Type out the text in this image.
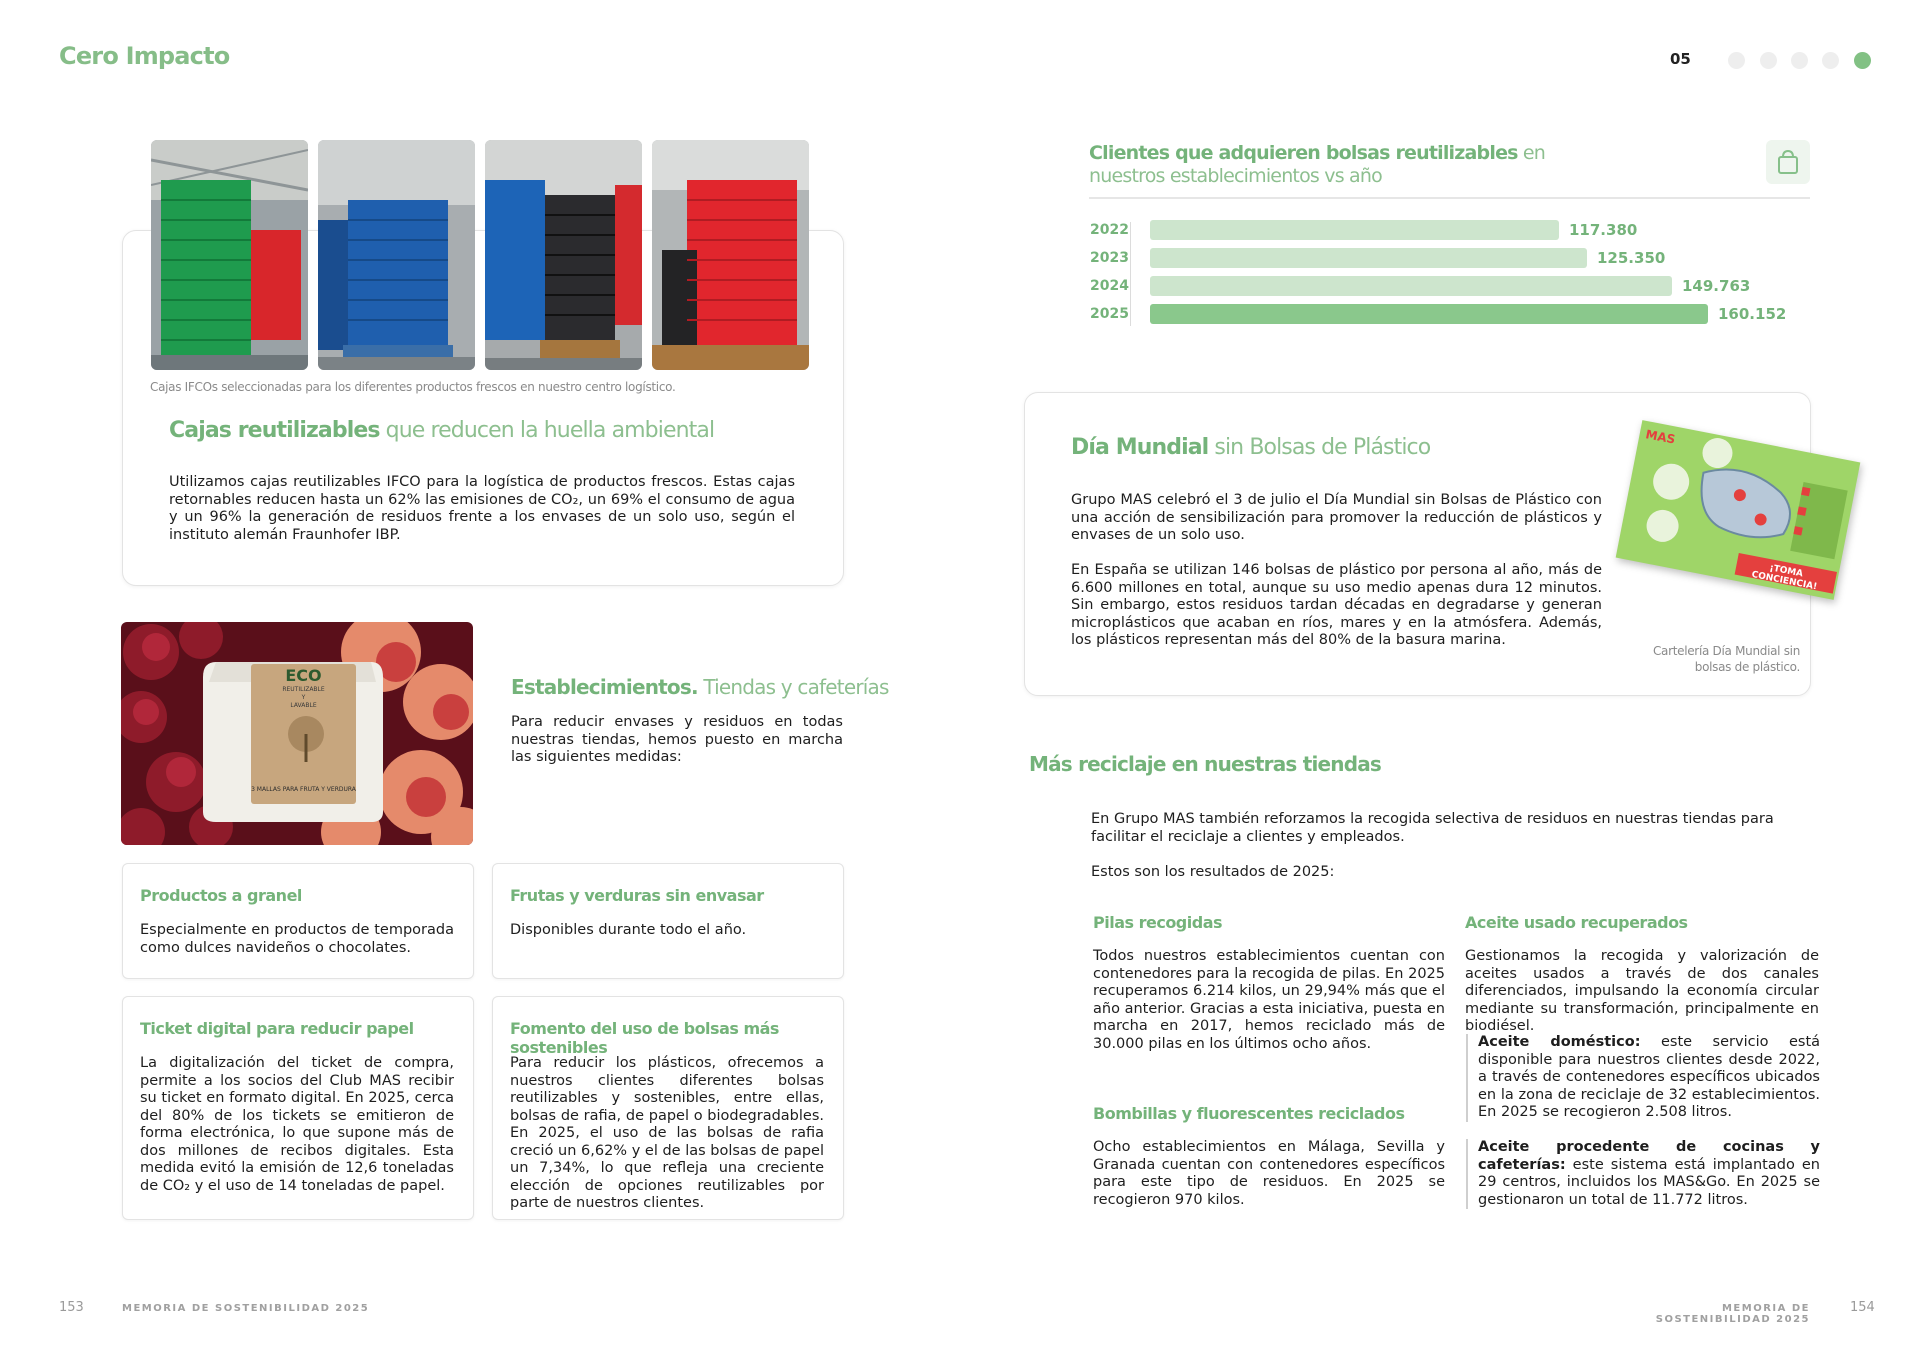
Cero Impacto	05
Cajas IFCOs seleccionadas para los diferentes productos frescos en nuestro centro logístico.
Cajas reutilizables que reducen la huella ambiental
Utilizamos cajas reutilizables IFCO para la logística de productos frescos. Estas cajas retornables reducen hasta un 62% las emisiones de CO₂, un 69% el consumo de agua y un 96% la generación de residuos frente a los envases de un solo uso, según el instituto alemán Fraunhofer IBP.
ECO
REUTILIZABLE
Y
LAVABLE
3 MALLAS PARA FRUTA Y VERDURA
Establecimientos. Tiendas y cafeterías
Para reducir envases y residuos en todas nuestras tiendas, hemos puesto en marcha las siguientes medidas:
Productos a granel
Especialmente en productos de temporada como dulces navideños o chocolates.
Frutas y verduras sin envasar
Disponibles durante todo el año.
Ticket digital para reducir papel
La digitalización del ticket de compra, permite a los socios del Club MAS recibir su ticket en formato digital. En 2025, cerca del 80% de los tickets se emitieron de forma electrónica, lo que supone más de dos millones de recibos digitales. Esta medida evitó la emisión de 12,6 toneladas de CO₂ y el uso de 14 toneladas de papel.
Fomento del uso de bolsas más sostenibles
Para reducir los plásticos, ofrecemos a nuestros clientes diferentes bolsas reutilizables y sostenibles, entre ellas, bolsas de rafia, de papel o biodegradables. En 2025, el uso de las bolsas de rafia creció un 6,62% y el de las bolsas de papel un 7,34%, lo que refleja una creciente elección de opciones reutilizables por parte de nuestros clientes.
Clientes que adquieren bolsas reutilizables en
nuestros establecimientos vs año
2022	117.380
2023	125.350
2024	149.763
2025	160.152
Día Mundial sin Bolsas de Plástico
Grupo MAS celebró el 3 de julio el Día Mundial sin Bolsas de Plástico con una acción de sensibilización para promover la reducción de plásticos y envases de un solo uso.
En España se utilizan 146 bolsas de plástico por persona al año, más de 6.600 millones en total, aunque su uso medio apenas dura 12 minutos. Sin embargo, estos residuos tardan décadas en degradarse y generan microplásticos que acaban en ríos, mares y en la atmósfera. Además, los plásticos representan más del 80% de la basura marina.
MAS
¡TOMA CONCIENCIA!
Cartelería Día Mundial sin bolsas de plástico.
Más reciclaje en nuestras tiendas
En Grupo MAS también reforzamos la recogida selectiva de residuos en nuestras tiendas para facilitar el reciclaje a clientes y empleados.
Estos son los resultados de 2025:
Pilas recogidas
Todos nuestros establecimientos cuentan con contenedores para la recogida de pilas. En 2025 recuperamos 6.214 kilos, un 29,94% más que el año anterior. Gracias a esta iniciativa, puesta en marcha en 2017, hemos reciclado más de 30.000 pilas en los últimos ocho años.
Bombillas y fluorescentes reciclados
Ocho establecimientos en Málaga, Sevilla y Granada cuentan con contenedores específicos para este tipo de residuos. En 2025 se recogieron 970 kilos.
Aceite usado recuperados
Gestionamos la recogida y valorización de aceites usados a través de dos canales diferenciados, impulsando la economía circular mediante su transformación, principalmente en biodiésel.
Aceite doméstico: este servicio está disponible para nuestros clientes desde 2022, a través de contenedores específicos ubicados en la zona de reciclaje de 32 establecimientos. En 2025 se recogieron 2.508 litros.
Aceite procedente de cocinas y cafeterías: este sistema está implantado en 29 centros, incluidos los MAS&Go. En 2025 se gestionaron un total de 11.772 litros.
153	MEMORIA DE SOSTENIBILIDAD 2025	MEMORIA DE SOSTENIBILIDAD 2025
154
